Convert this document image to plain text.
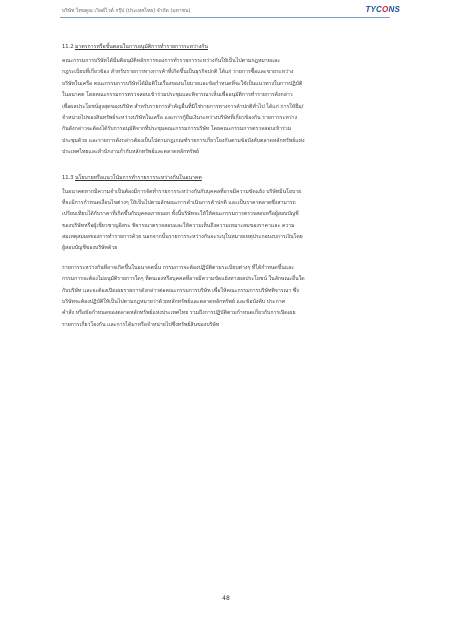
บริษัท ไทยคูณ เวิลด์ไวด์ กรุ๊ป (ประเทศไทย) จำกัด (มหาชน)	TYCONS
11.2 มาตรการหรือขั้นตอนในการอนุมัติการทำรายการระหว่างกัน
คณะกรรมการบริษัทได้มีมติอนุมัติหลักการของการทำรายการระหว่างกันให้เป็นไปตามกฎหมายและ
กฎระเบียบที่เกี่ยวข้อง สำหรับรายการทางการค้าที่เกิดขึ้นเป็นธุรกิจปกติ ได้แก่ รายการซื้อและขายระหว่าง
บริษัทในเครือ คณะกรรมการบริษัทได้มีมติในเรื่องของนโยบายและข้อกำหนดที่จะใช้เป็นแนวทางในการปฏิบัติ
ในอนาคต โดยคณะกรรมการตรวจสอบเข้าร่วมประชุมและพิจารณาเห็นเพื่ออนุมัติการทำรายการดังกล่าว
เพื่อผลประโยชน์สูงสุดของบริษัท สำหรับรายการสำคัญอื่นที่มิใช่รายการทางการค้าปกติทั่วไป ได้แก่ การให้ยืม/
จำหน่ายไปของสินทรัพย์ระหว่างบริษัทในเครือ และการกู้ยืมเงินระหว่างบริษัทที่เกี่ยวข้องกัน รายการระหว่าง
กันดังกล่าวจะต้องได้รับการอนุมัติจากที่ประชุมคณะกรรมการบริษัท โดยคณะกรรมการตรวจสอบเข้าร่วม
ประชุมด้วย และรายการดังกล่าวต้องเป็นไปตามกฎเกณฑ์รายการเกี่ยวโยงกันตามข้อบังคับตลาดหลักทรัพย์แห่ง
ประเทศไทยและสำนักงานกำกับหลักทรัพย์และตลาดหลักทรัพย์
11.3 นโยบายหรือแนวโน้มการทำรายการระหว่างกันในอนาคต
ในอนาคตหากมีความจำเป็นต้องมีการจัดทำรายการระหว่างกันกับบุคคลที่อาจมีความขัดแย้ง บริษัทมีนโยบาย
ที่จะมีการกำหนดเงื่อนไขต่างๆ ให้เป็นไปตามลักษณะการดำเนินการค้าปกติ และเป็นราคาตลาดซึ่งสามารถ
เปรียบเทียบได้กับราคาที่เกิดขึ้นกับบุคคลภายนอก ทั้งนี้บริษัทจะให้ให้คณะกรรมการตรวจสอบหรือผู้สอบบัญชี
ของบริษัทหรือผู้เชี่ยวชาญอิสระ พิจารณาตรวจสอบและให้ความเห็นถึงความเหมาะสมของราคาและ ความ
สมเหตุสมผลของการทำรายการด้วย นอกจากนั้นรายการระหว่างกันจะระบุในหมายเหตุประกอบงบการเงินโดย
ผู้สอบบัญชีของบริษัทด้วย
รายการระหว่างกันที่อาจเกิดขึ้นในอนาคตนั้น กรรมการจะต้องปฏิบัติตามระเบียบต่างๆ ที่ได้กำหนดขึ้นและ
กรรมการจะต้องไม่อนุมัติรายการใดๆ ที่ตนเองหรือบุคคลที่อาจมีความขัดแย้งทางผลประโยชน์ ในลักษณะอื่นใด
กับบริษัท และจะต้องเปิดเผยรายการดังกล่าวต่อคณะกรรมการบริษัท เพื่อให้คณะกรรมการบริษัทพิจารณา ซึ่ง
บริษัทจะต้องปฏิบัติให้เป็นไปตามกฎหมายว่าด้วยหลักทรัพย์และตลาดหลักทรัพย์ และข้อบังคับ ประกาศ
คำสั่ง หรือข้อกำหนดของตลาดหลักทรัพย์แห่งประเทศไทย รวมถึงการปฏิบัติตามกำหนดเกี่ยวกับการเปิดเผย
รายการเกี่ยวโยงกัน และการได้มาหรือจำหน่ายไปซึ่งทรัพย์สินของบริษัท
48
